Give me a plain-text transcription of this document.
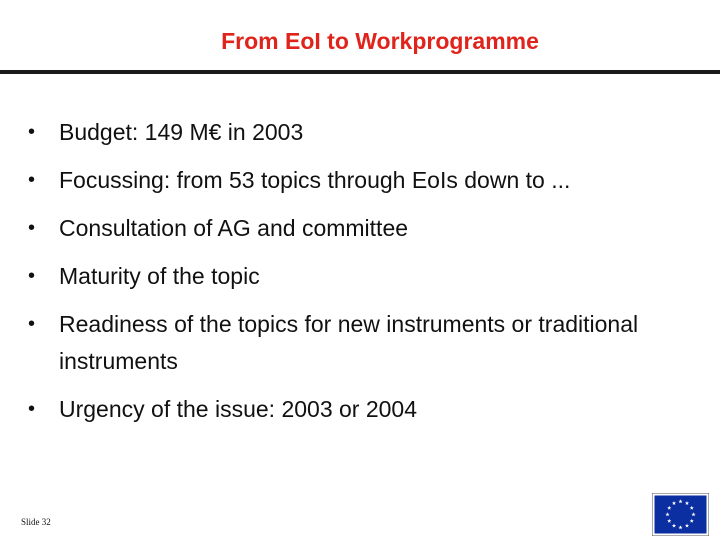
From EoI to Workprogramme
• Budget: 149 M€ in 2003
• Focussing: from 53 topics through EoIs down to ...
• Consultation of AG and committee
• Maturity of the topic
• Readiness of the topics for new instruments or traditional instruments
• Urgency of the issue: 2003 or 2004
Slide 32
